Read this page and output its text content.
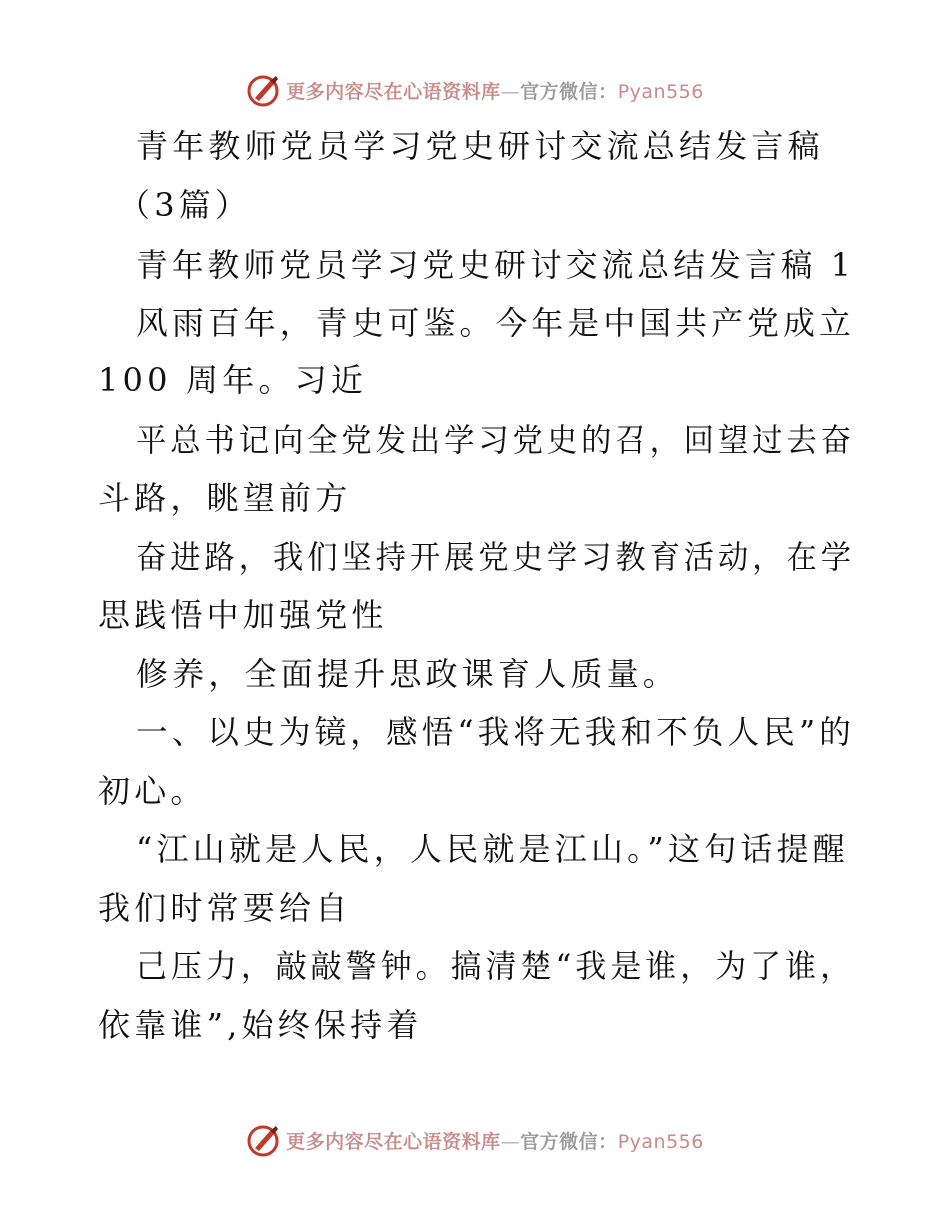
更多内容尽在心语资料库—官方微信：Pyan556
青年教师党员学习党史研讨交流总结发言稿
（3篇）
青年教师党员学习党史研讨交流总结发言稿 1
风雨百年，青史可鉴。今年是中国共产党成立
100 周年。习近
平总书记向全党发出学习党史的召，回望过去奋
斗路，眺望前方
奋进路，我们坚持开展党史学习教育活动，在学
思践悟中加强党性
修养，全面提升思政课育人质量。
一、以史为镜，感悟“我将无我和不负人民”的
初心。
“江山就是人民，人民就是江山。”这句话提醒
我们时常要给自
己压力，敲敲警钟。搞清楚“我是谁，为了谁，
依靠谁”,始终保持着
更多内容尽在心语资料库—官方微信：Pyan556
